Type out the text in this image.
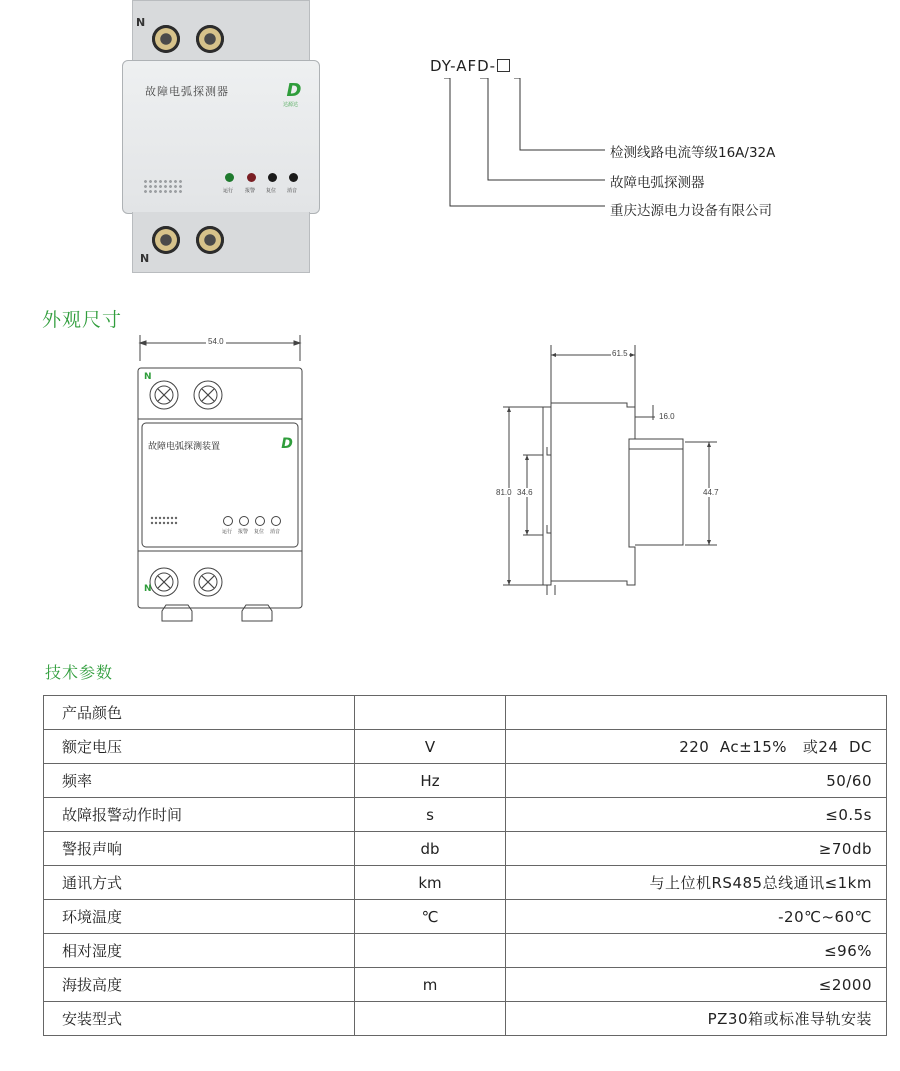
N
故障电弧探测器	D
达源达
运行 报警 复位 消音
N
DY-AFD-
检测线路电流等级16A/32A
故障电弧探测器
重庆达源电力设备有限公司
外观尺寸
54.0
N
N
故障电弧探测装置	D
运行 报警 复位 消音
61.5
16.0
81.0 34.6	44.7
技术参数
产品颜色		
额定电压	V	220  Ac±15%   或24  DC
频率	Hz	50/60
故障报警动作时间	s	≤0.5s
警报声响	db	≥70db
通讯方式	km	与上位机RS485总线通讯≤1km
环境温度	℃	-20℃~60℃
相对湿度		≤96%
海拔高度	m	≤2000
安装型式		PZ30箱或标准导轨安装
